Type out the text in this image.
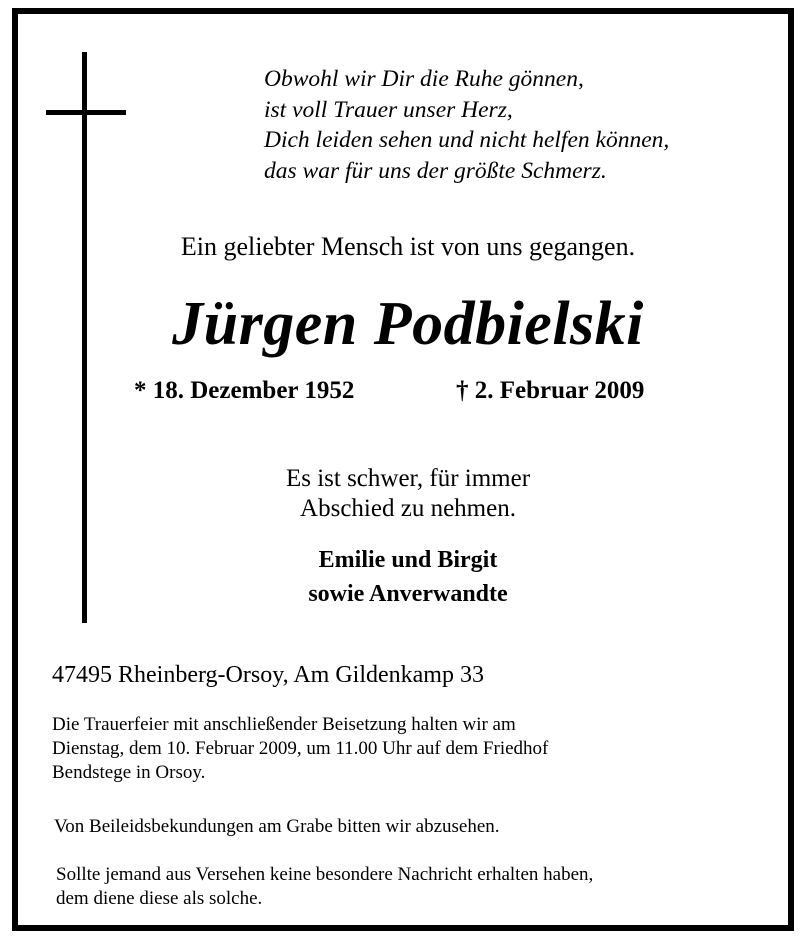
Obwohl wir Dir die Ruhe gönnen,
ist voll Trauer unser Herz,
Dich leiden sehen und nicht helfen können,
das war für uns der größte Schmerz.
Ein geliebter Mensch ist von uns gegangen.
Jürgen Podbielski
* 18. Dezember 1952	† 2. Februar 2009
Es ist schwer, für immer
Abschied zu nehmen.
Emilie und Birgit
sowie Anverwandte
47495 Rheinberg-Orsoy, Am Gildenkamp 33
Die Trauerfeier mit anschließender Beisetzung halten wir am
Dienstag, dem 10. Februar 2009, um 11.00 Uhr auf dem Friedhof
Bendstege in Orsoy.
Von Beileidsbekundungen am Grabe bitten wir abzusehen.
Sollte jemand aus Versehen keine besondere Nachricht erhalten haben,
dem diene diese als solche.
